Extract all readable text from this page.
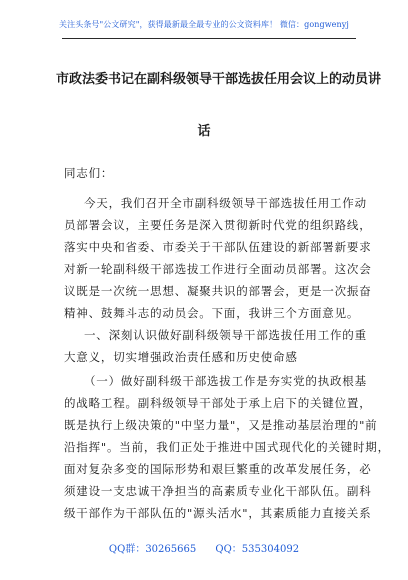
关注头条号"公文研究"，获得最新最全最专业的公文资料库！ 微信：gongwenyj
市政法委书记在副科级领导干部选拔任用会议上的动员讲
话
同志们：
今天，我们召开全市副科级领导干部选拔任用工作动
员部署会议，主要任务是深入贯彻新时代党的组织路线，
落实中央和省委、市委关于干部队伍建设的新部署新要求
对新一轮副科级干部选拔工作进行全面动员部署。这次会
议既是一次统一思想、凝聚共识的部署会，更是一次振奋
精神、鼓舞斗志的动员会。下面，我讲三个方面意见。
一、深刻认识做好副科级领导干部选拔任用工作的重
大意义，切实增强政治责任感和历史使命感
（一）做好副科级干部选拔工作是夯实党的执政根基
的战略工程。副科级领导干部处于承上启下的关键位置，
既是执行上级决策的"中坚力量"，又是推动基层治理的"前
沿指挥"。当前，我们正处于推进中国式现代化的关键时期，
面对复杂多变的国际形势和艰巨繁重的改革发展任务，必
须建设一支忠诚干净担当的高素质专业化干部队伍。副科
级干部作为干部队伍的"源头活水"，其素质能力直接关系
QQ群：30265665 QQ：535304092
